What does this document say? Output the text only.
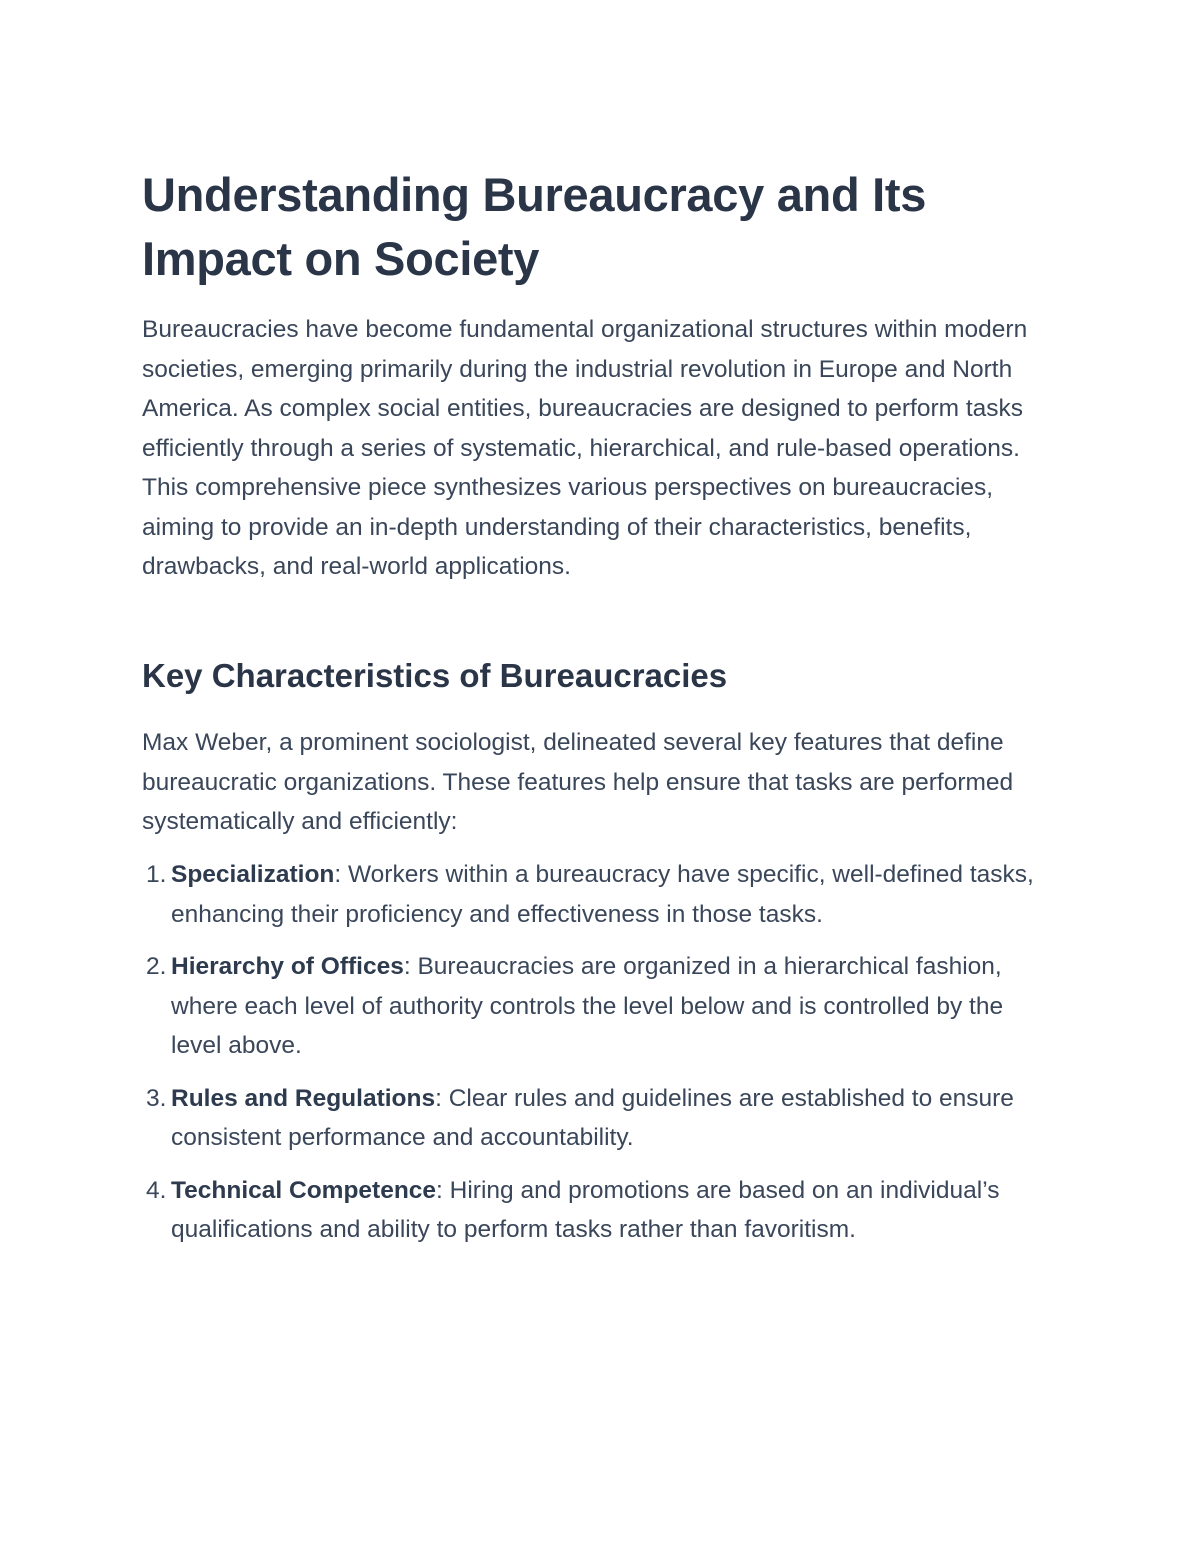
Understanding Bureaucracy and Its Impact on Society

Bureaucracies have become fundamental organizational structures within modern societies, emerging primarily during the industrial revolution in Europe and North America. As complex social entities, bureaucracies are designed to perform tasks efficiently through a series of systematic, hierarchical, and rule-based operations. This comprehensive piece synthesizes various perspectives on bureaucracies, aiming to provide an in-depth understanding of their characteristics, benefits, drawbacks, and real-world applications.

Key Characteristics of Bureaucracies

Max Weber, a prominent sociologist, delineated several key features that define bureaucratic organizations. These features help ensure that tasks are performed systematically and efficiently:

1. Specialization: Workers within a bureaucracy have specific, well-defined tasks, enhancing their proficiency and effectiveness in those tasks.
2. Hierarchy of Offices: Bureaucracies are organized in a hierarchical fashion, where each level of authority controls the level below and is controlled by the level above.
3. Rules and Regulations: Clear rules and guidelines are established to ensure consistent performance and accountability.
4. Technical Competence: Hiring and promotions are based on an individual’s qualifications and ability to perform tasks rather than favoritism.
